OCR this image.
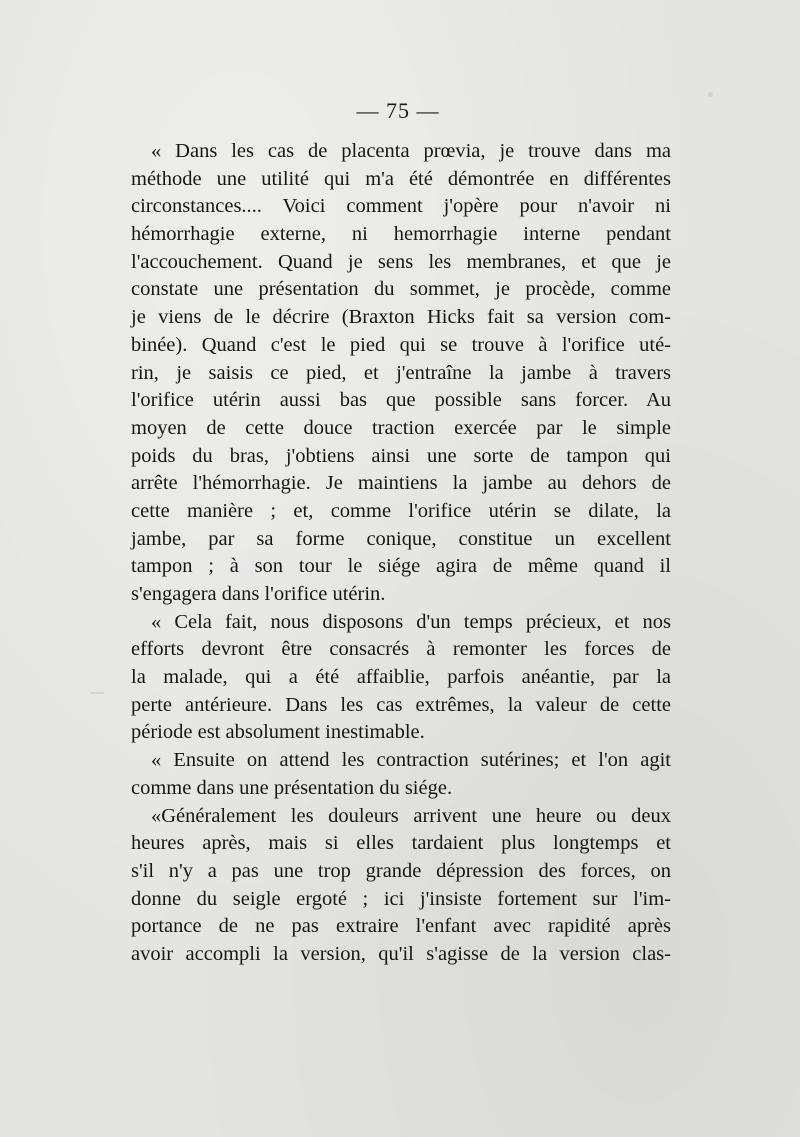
— 75 —
« Dans les cas de placenta prœvia, je trouve dans ma
méthode une utilité qui m'a été démontrée en différentes
circonstances.... Voici comment j'opère pour n'avoir ni
hémorrhagie externe, ni hemorrhagie interne pendant
l'accouchement. Quand je sens les membranes, et que je
constate une présentation du sommet, je procède, comme
je viens de le décrire (Braxton Hicks fait sa version com-
binée). Quand c'est le pied qui se trouve à l'orifice uté-
rin, je saisis ce pied, et j'entraîne la jambe à travers
l'orifice utérin aussi bas que possible sans forcer. Au
moyen de cette douce traction exercée par le simple
poids du bras, j'obtiens ainsi une sorte de tampon qui
arrête l'hémorrhagie. Je maintiens la jambe au dehors de
cette manière ; et, comme l'orifice utérin se dilate, la
jambe, par sa forme conique, constitue un excellent
tampon ; à son tour le siége agira de même quand il
s'engagera dans l'orifice utérin.
« Cela fait, nous disposons d'un temps précieux, et nos
efforts devront être consacrés à remonter les forces de
la malade, qui a été affaiblie, parfois anéantie, par la
perte antérieure. Dans les cas extrêmes, la valeur de cette
période est absolument inestimable.
« Ensuite on attend les contraction sutérines; et l'on agit
comme dans une présentation du siége.
«Généralement les douleurs arrivent une heure ou deux
heures après, mais si elles tardaient plus longtemps et
s'il n'y a pas une trop grande dépression des forces, on
donne du seigle ergoté ; ici j'insiste fortement sur l'im-
portance de ne pas extraire l'enfant avec rapidité après
avoir accompli la version, qu'il s'agisse de la version clas-
